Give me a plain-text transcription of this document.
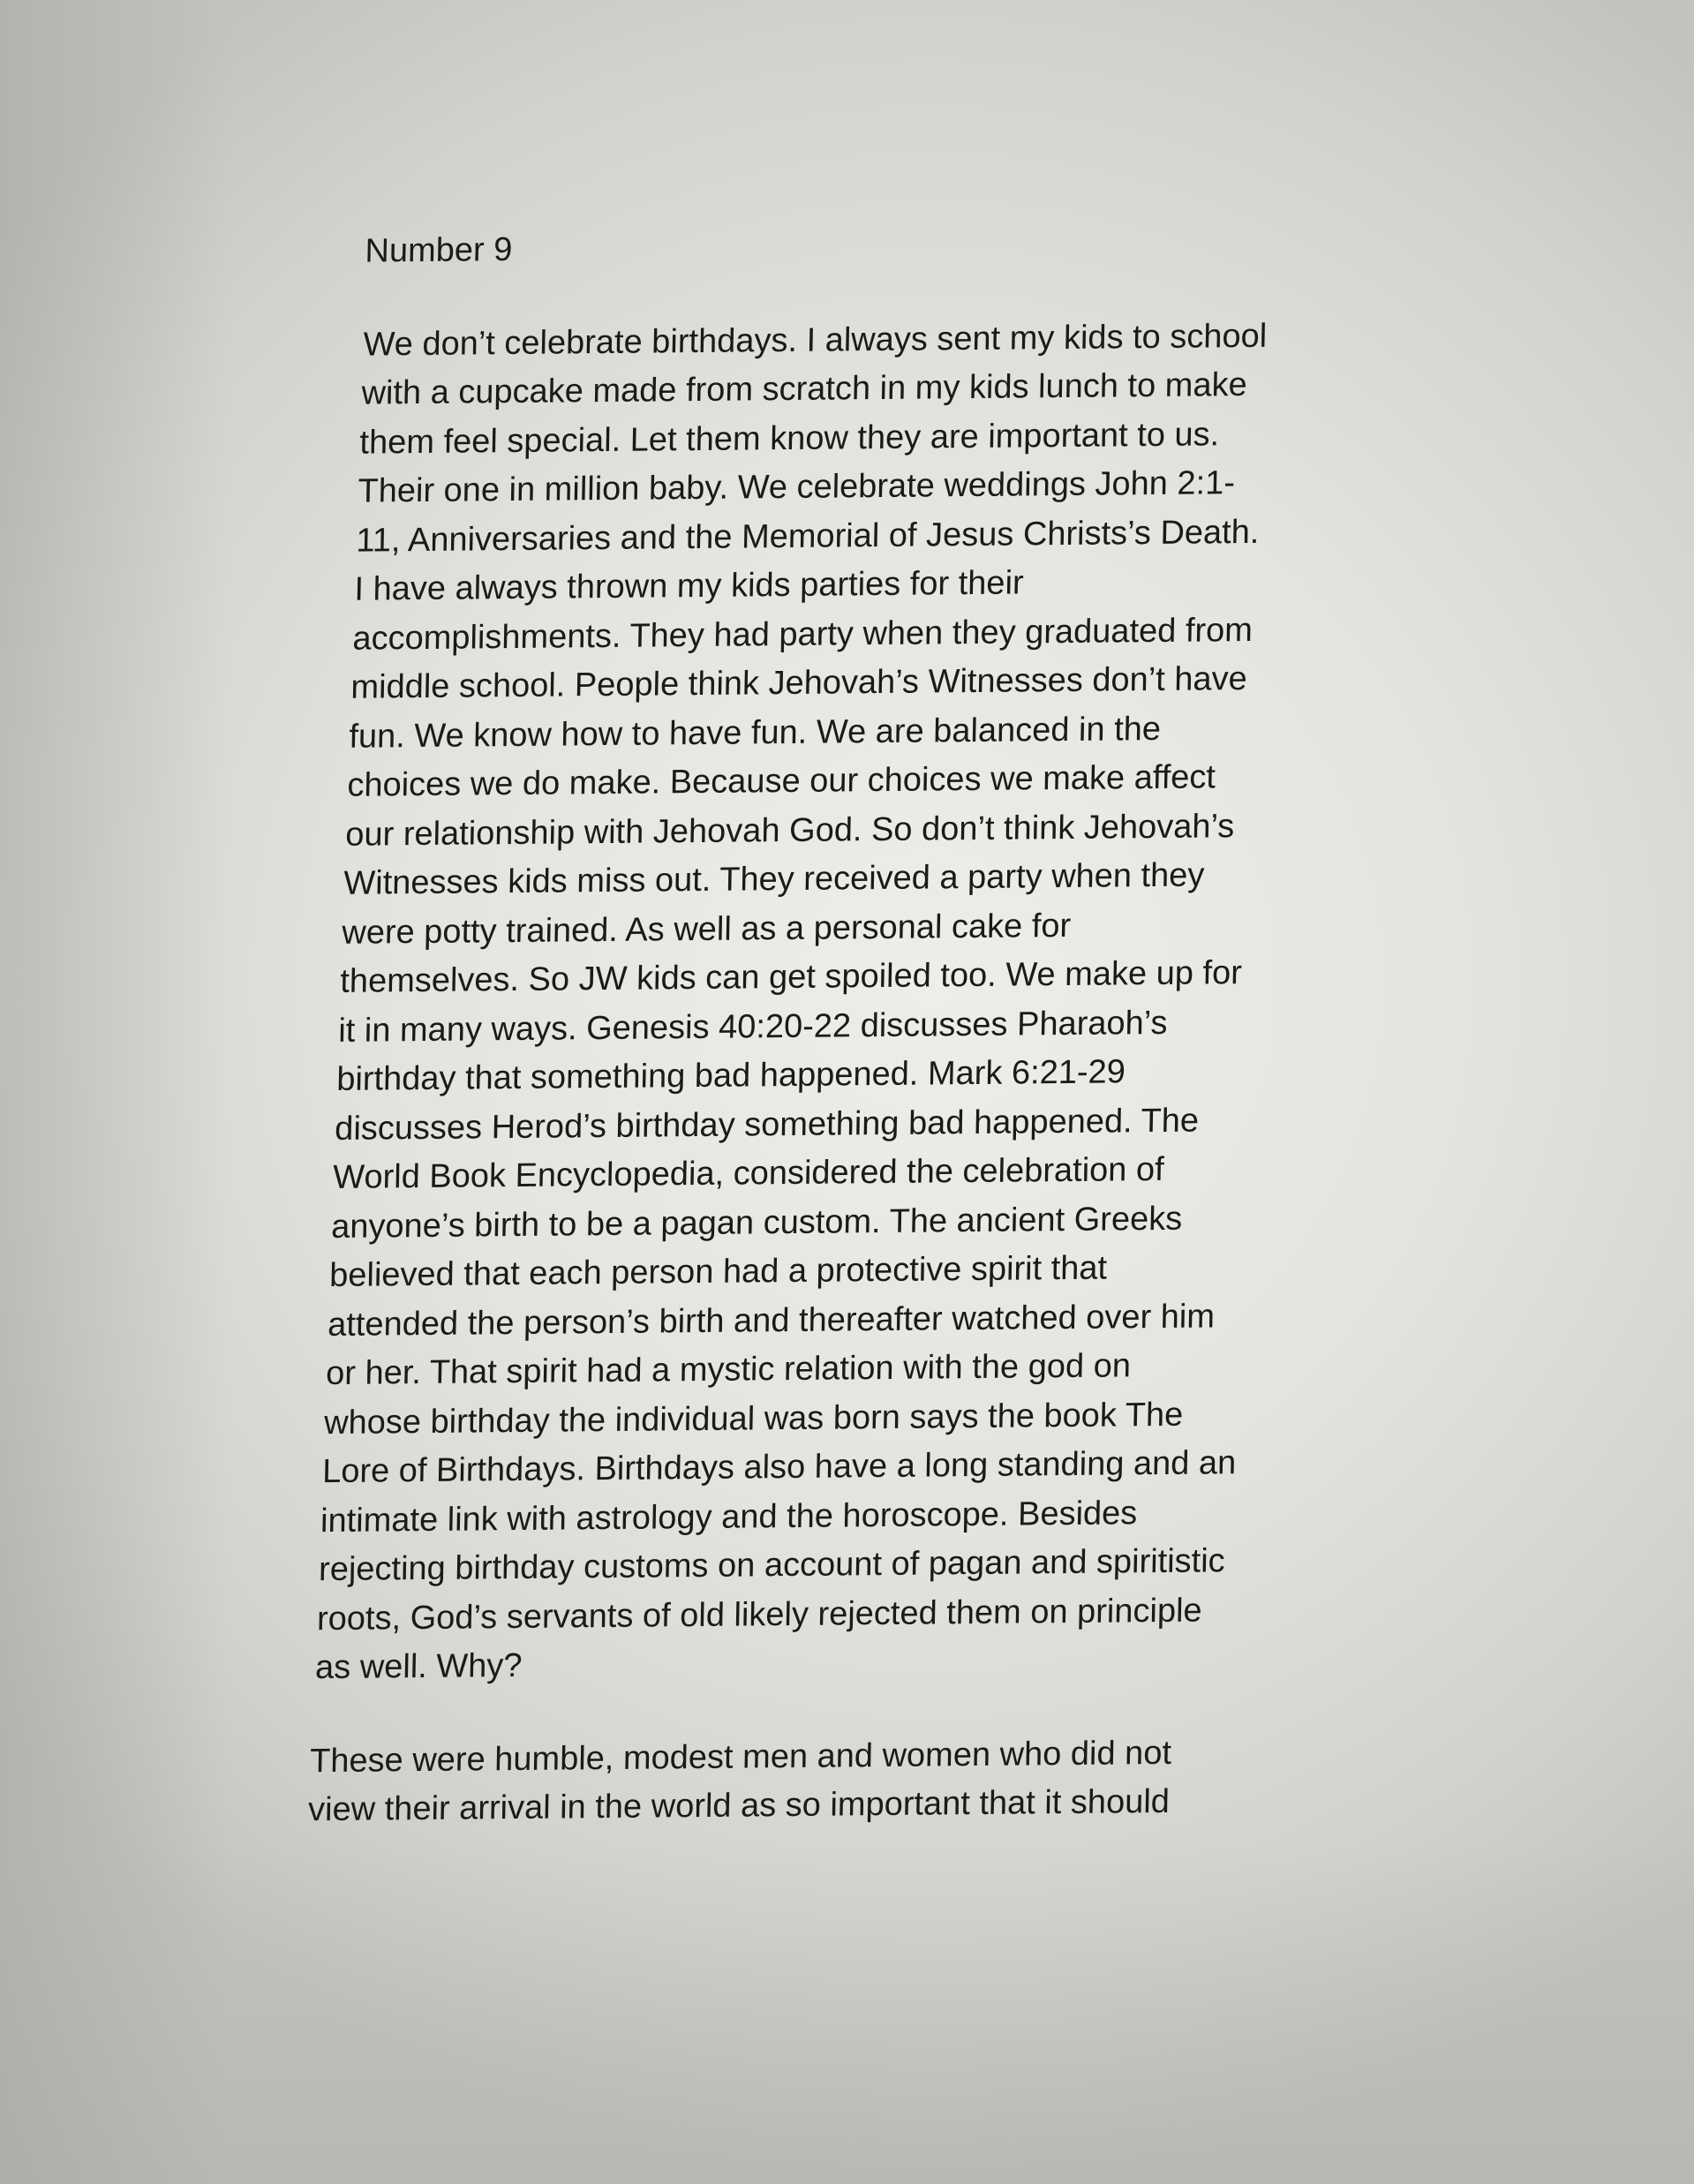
Number 9
We don’t celebrate birthdays. I always sent my kids to school
with a cupcake made from scratch in my kids lunch to make
them feel special. Let them know they are important to us.
Their one in million baby. We celebrate weddings John 2:1-
11, Anniversaries and the Memorial of Jesus Christs’s Death.
I have always thrown my kids parties for their
accomplishments. They had party when they graduated from
middle school. People think Jehovah’s Witnesses don’t have
fun. We know how to have fun. We are balanced in the
choices we do make. Because our choices we make affect
our relationship with Jehovah God. So don’t think Jehovah’s
Witnesses kids miss out. They received a party when they
were potty trained. As well as a personal cake for
themselves. So JW kids can get spoiled too. We make up for
it in many ways. Genesis 40:20-22 discusses Pharaoh’s
birthday that something bad happened. Mark 6:21-29
discusses Herod’s birthday something bad happened. The
World Book Encyclopedia, considered the celebration of
anyone’s birth to be a pagan custom. The ancient Greeks
believed that each person had a protective spirit that
attended the person’s birth and thereafter watched over him
or her. That spirit had a mystic relation with the god on
whose birthday the individual was born says the book The
Lore of Birthdays. Birthdays also have a long standing and an
intimate link with astrology and the horoscope. Besides
rejecting birthday customs on account of pagan and spiritistic
roots, God’s servants of old likely rejected them on principle
as well. Why?
These were humble, modest men and women who did not
view their arrival in the world as so important that it should
